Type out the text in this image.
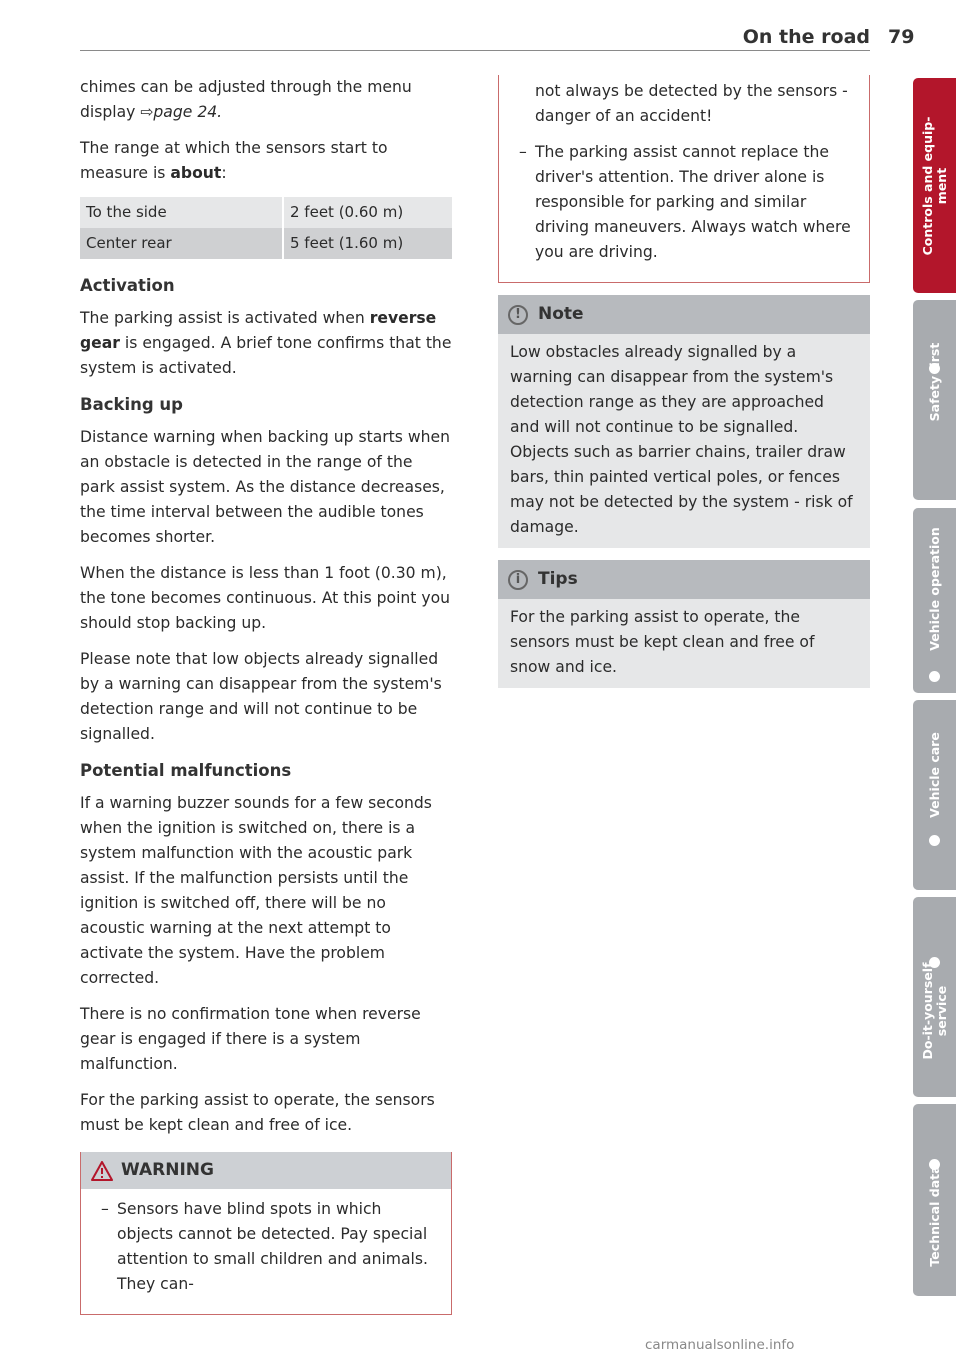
On the road 79

chimes can be adjusted through the menu display ⇨page 24.

The range at which the sensors start to measure is about:

To the side	2 feet (0.60 m)
Center rear	5 feet (1.60 m)
Activation

The parking assist is activated when reverse gear is engaged. A brief tone confirms that the system is activated.

Backing up

Distance warning when backing up starts when an obstacle is detected in the range of the park assist system. As the distance decreases, the time interval between the audible tones becomes shorter.

When the distance is less than 1 foot (0.30 m), the tone becomes continuous. At this point you should stop backing up.

Please note that low objects already signalled by a warning can disappear from the system's detection range and will not continue to be signalled.

Potential malfunctions

If a warning buzzer sounds for a few seconds when the ignition is switched on, there is a system malfunction with the acoustic park assist. If the malfunction persists until the ignition is switched off, there will be no acoustic warning at the next attempt to activate the system. Have the problem corrected.

There is no confirmation tone when reverse gear is engaged if there is a system malfunction.

For the parking assist to operate, the sensors must be kept clean and free of ice.

WARNING

– Sensors have blind spots in which objects cannot be detected. Pay special attention to small children and animals. They can-

not always be detected by the sensors - danger of an accident!

– The parking assist cannot replace the driver's attention. The driver alone is responsible for parking and similar driving maneuvers. Always watch where you are driving.

!	Note

Low obstacles already signalled by a warning can disappear from the system's detection range as they are approached and will not continue to be signalled. Objects such as barrier chains, trailer draw bars, thin painted vertical poles, or fences may not be detected by the system - risk of damage.

i	Tips

For the parking assist to operate, the sensors must be kept clean and free of snow and ice.

Controls and equip-
ment
Safety first
Vehicle operation
Vehicle care
Do-it-yourself
service
Technical data
carmanualsonline.info
